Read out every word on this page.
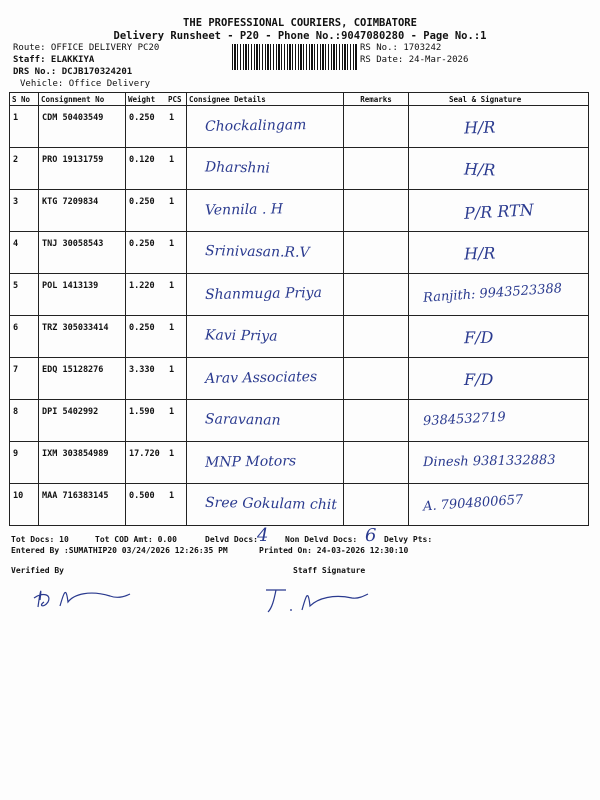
THE PROFESSIONAL COURIERS, COIMBATORE
Delivery Runsheet - P20 - Phone No.:9047080280 - Page No.:1
Route: OFFICE DELIVERY PC20
Staff: ELAKKIYA
DRS No.: DCJB170324201
Vehicle: Office Delivery
RS No.: 1703242
RS Date: 24-Mar-2026
S No	Consignment No	Weight	PCS	Consignee Details	Remarks	Seal & Signature
1	CDM 50403549	0.250	1	Chockalingam		H/R

2	PRO 19131759	0.120	1	Dharshni		H/R

3	KTG 7209834	0.250	1	Vennila . H		P/R RTN

4	TNJ 30058543	0.250	1	Srinivasan.R.V		H/R

5	POL 1413139	1.220	1	Shanmuga Priya		Ranjith: 9943523388

6	TRZ 305033414	0.250	1	Kavi Priya		F/D

7	EDQ 15128276	3.330	1	Arav Associates		F/D

8	DPI 5402992	1.590	1	Saravanan		9384532719

9	IXM 303854989	17.720	1	MNP Motors		Dinesh 9381332883

10	MAA 716383145	0.500	1	Sree Gokulam chit		A. 7904800657
Tot Docs: 10	Tot COD Amt: 0.00	Delvd Docs: 4 Non Delvd Docs: 6 Delvy Pts:
Entered By :SUMATHIP20 03/24/2026 12:26:35 PM	Printed On: 24-03-2026 12:30:10
Verified By	Staff Signature
